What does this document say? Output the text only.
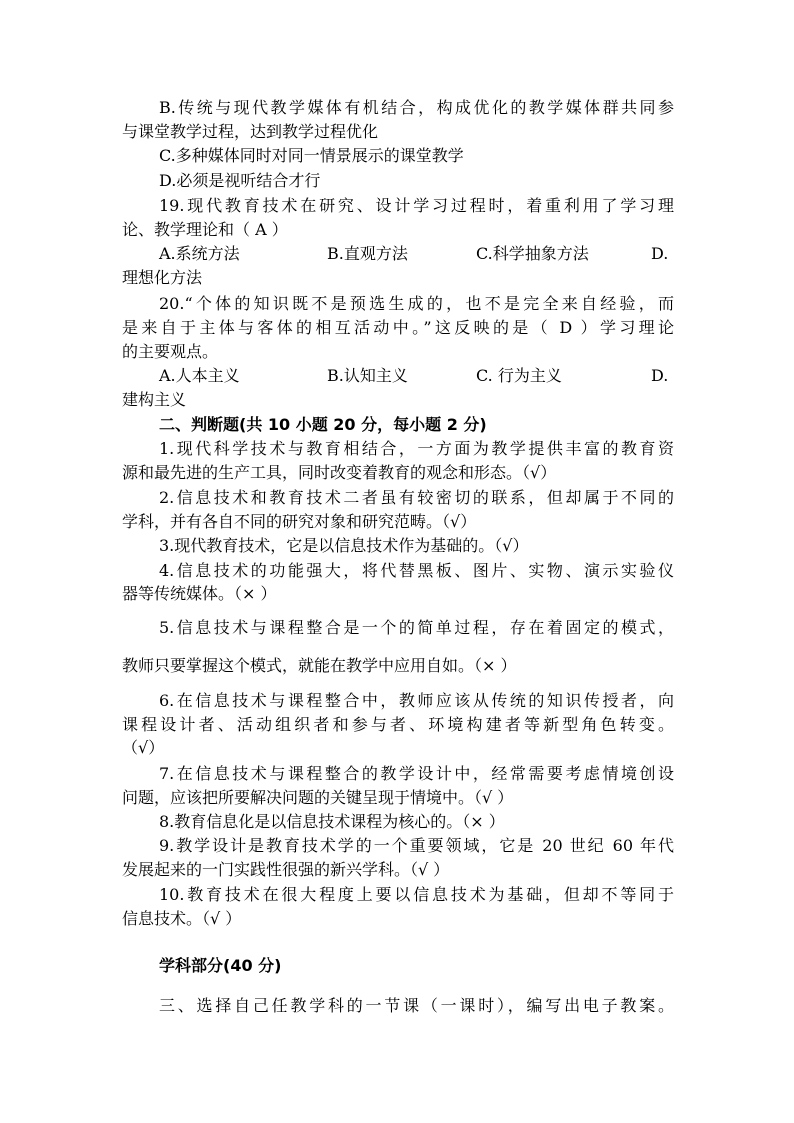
B.传统与现代教学媒体有机结合，构成优化的教学媒体群共同参
与课堂教学过程，达到教学过程优化
C.多种媒体同时对同一情景展示的课堂教学
D.必须是视听结合才行
19.现代教育技术在研究、设计学习过程时，着重利用了学习理
论、教学理论和（ A ）
A.系统方法	B.直观方法	C.科学抽象方法	D.
理想化方法
20.“个体的知识既不是预选生成的，也不是完全来自经验，而
是来自于主体与客体的相互活动中。”这反映的是（ D ）学习理论
的主要观点。
A.人本主义	B.认知主义	C. 行为主义	D.
建构主义
二、判断题(共 10 小题 20 分，每小题 2 分)
1.现代科学技术与教育相结合，一方面为教学提供丰富的教育资
源和最先进的生产工具，同时改变着教育的观念和形态。（√）
2.信息技术和教育技术二者虽有较密切的联系，但却属于不同的
学科，并有各自不同的研究对象和研究范畴。（√）
3.现代教育技术，它是以信息技术作为基础的。（√）
4.信息技术的功能强大，将代替黑板、图片、实物、演示实验仪
器等传统媒体。（× ）
5.信息技术与课程整合是一个的简单过程，存在着固定的模式，
教师只要掌握这个模式，就能在教学中应用自如。（× ）
6.在信息技术与课程整合中，教师应该从传统的知识传授者，向
课程设计者、活动组织者和参与者、环境构建者等新型角色转变。
（√）
7.在信息技术与课程整合的教学设计中，经常需要考虑情境创设
问题，应该把所要解决问题的关键呈现于情境中。（√ ）
8.教育信息化是以信息技术课程为核心的。（× ）
9.教学设计是教育技术学的一个重要领域，它是 20 世纪 60 年代
发展起来的一门实践性很强的新兴学科。（√ ）
10.教育技术在很大程度上要以信息技术为基础，但却不等同于
信息技术。（√ ）
学科部分(40 分)
三、选择自己任教学科的一节课（一课时），编写出电子教案。
